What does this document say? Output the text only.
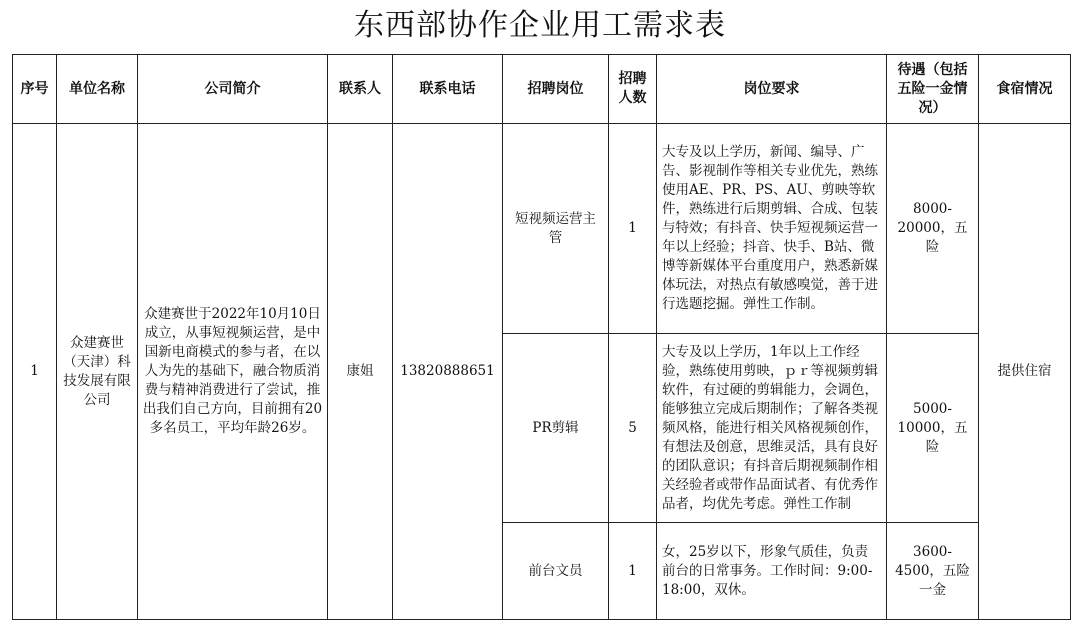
东西部协作企业用工需求表
序号	单位名称	公司简介	联系人	联系电话	招聘岗位	招聘人数	岗位要求	待遇（包括五险一金情况）	食宿情况
1	众建赛世（天津）科技发展有限公司	众建赛世于2022年10月10日成立，从事短视频运营，是中国新电商模式的参与者，在以人为先的基础下，融合物质消费与精神消费进行了尝试，推出我们自己方向，目前拥有20多名员工，平均年龄26岁。	康姐	13820888651	短视频运营主管	1	大专及以上学历，新闻、编导、广告、影视制作等相关专业优先，熟练使用AE、PR、PS、AU、剪映等软件，熟练进行后期剪辑、合成、包装与特效；有抖音、快手短视频运营一年以上经验；抖音、快手、B站、微博等新媒体平台重度用户，熟悉新媒体玩法，对热点有敏感嗅觉，善于进行选题挖掘。弹性工作制。	8000-20000，五险	提供住宿
					PR剪辑	5	大专及以上学历，1年以上工作经验，熟练使用剪映，ｐｒ等视频剪辑软件，有过硬的剪辑能力，会调色，能够独立完成后期制作；了解各类视频风格，能进行相关风格视频创作，有想法及创意，思维灵活，具有良好的团队意识；有抖音后期视频制作相关经验者或带作品面试者、有优秀作品者，均优先考虑。弹性工作制	5000-10000，五险	
					前台文员	1	女，25岁以下，形象气质佳，负责前台的日常事务。工作时间：9:00-18:00，双休。	3600-4500，五险一金	
